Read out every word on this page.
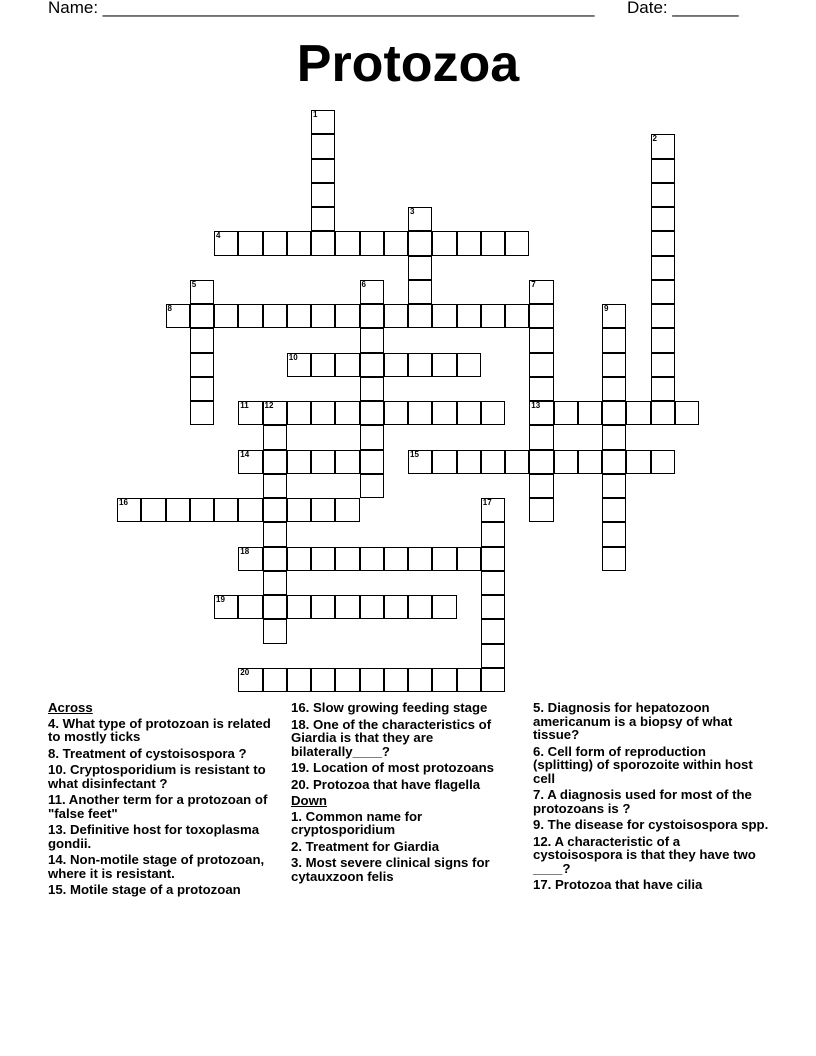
Name: ____________________________________________________ Date: _______
Protozoa
1
2
3
4
5	6	7
13
8	9
10
11 12
14	15
16	17
18
19
20
Across
4. What type of protozoan is related to mostly ticks
8. Treatment of cystoisospora ?
10. Cryptosporidium is resistant to what disinfectant ?
11. Another term for a protozoan of "false feet"
13. Definitive host for toxoplasma gondii.
14. Non-motile stage of protozoan, where it is resistant.
15. Motile stage of a protozoan
16. Slow growing feeding stage
18. One of the characteristics of Giardia is that they are bilaterally____?
19. Location of most protozoans
20. Protozoa that have flagella
Down
1. Common name for cryptosporidium
2. Treatment for Giardia
3. Most severe clinical signs for cytauxzoon felis
5. Diagnosis for hepatozoon americanum is a biopsy of what tissue?
6. Cell form of reproduction (splitting) of sporozoite within host cell
7. A diagnosis used for most of the protozoans is ?
9. The disease for cystoisospora spp.
12. A characteristic of a cystoisospora is that they have two ____?
17. Protozoa that have cilia
